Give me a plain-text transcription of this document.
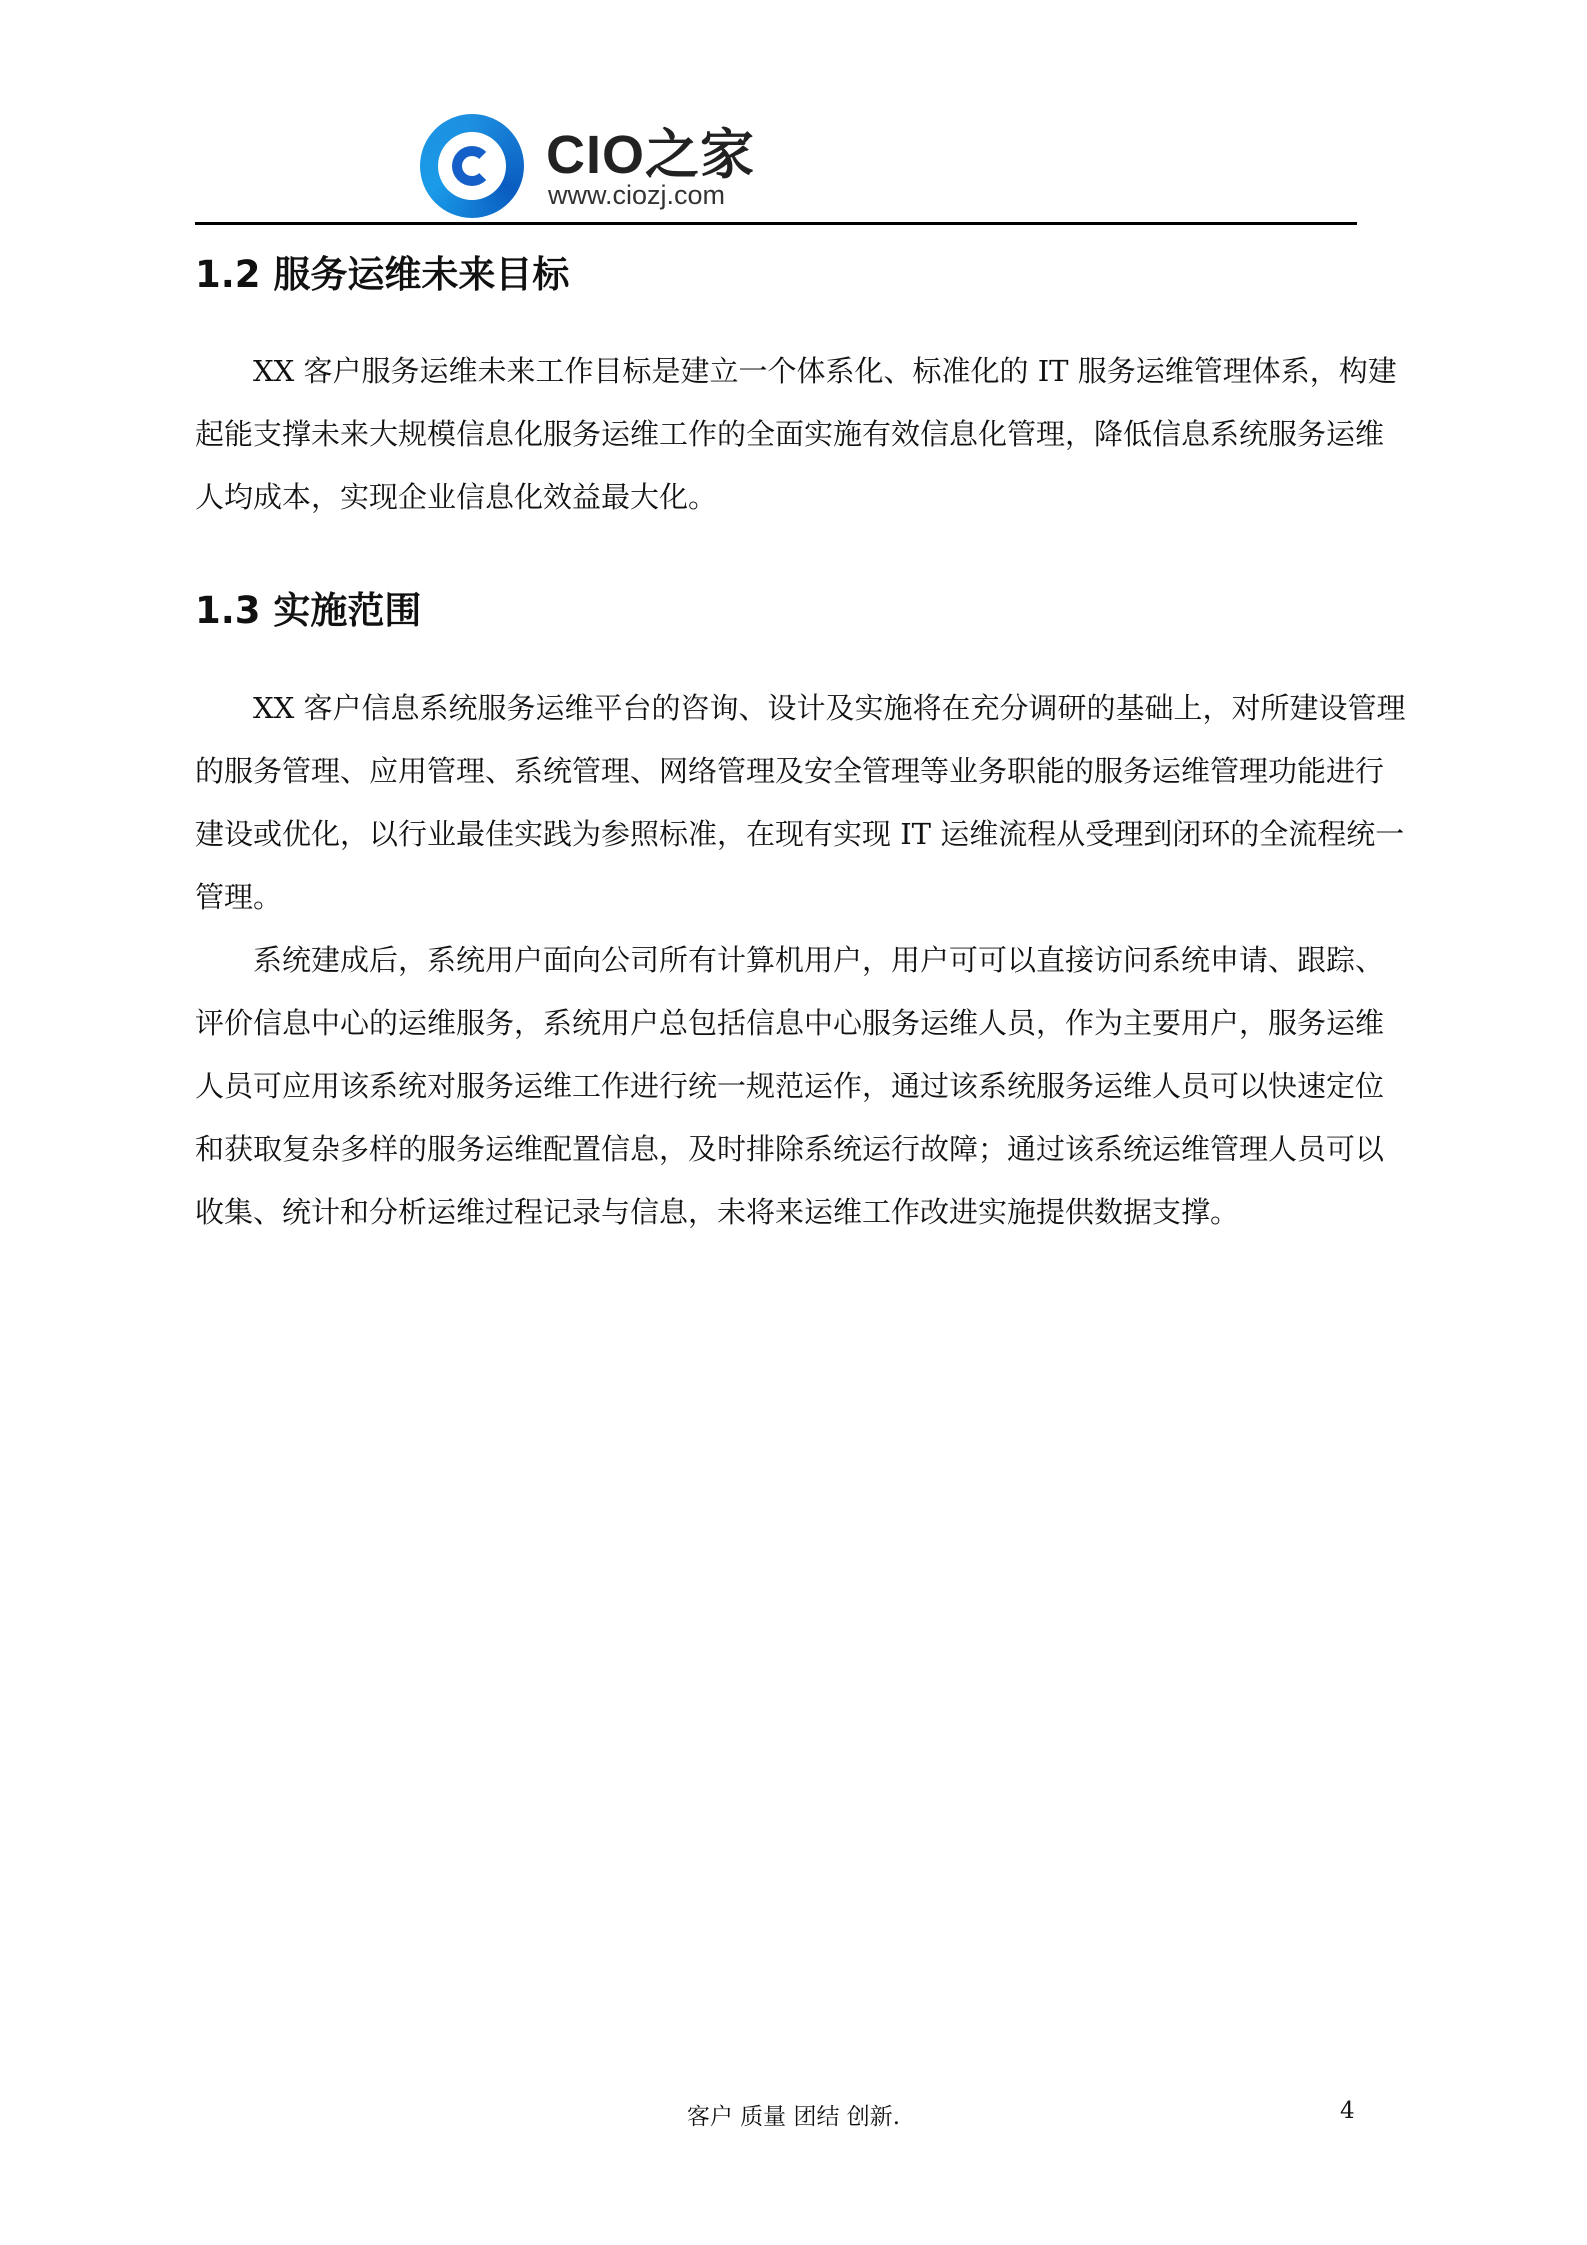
CIO之家
www.ciozj.com
1.2 服务运维未来目标
XX 客户服务运维未来工作目标是建立一个体系化、标准化的 IT 服务运维管理体系，构建
起能支撑未来大规模信息化服务运维工作的全面实施有效信息化管理，降低信息系统服务运维
人均成本，实现企业信息化效益最大化。
1.3 实施范围
XX 客户信息系统服务运维平台的咨询、设计及实施将在充分调研的基础上，对所建设管理
的服务管理、应用管理、系统管理、网络管理及安全管理等业务职能的服务运维管理功能进行
建设或优化，以行业最佳实践为参照标准，在现有实现 IT 运维流程从受理到闭环的全流程统一
管理。
系统建成后，系统用户面向公司所有计算机用户，用户可可以直接访问系统申请、跟踪、
评价信息中心的运维服务，系统用户总包括信息中心服务运维人员，作为主要用户，服务运维
人员可应用该系统对服务运维工作进行统一规范运作，通过该系统服务运维人员可以快速定位
和获取复杂多样的服务运维配置信息，及时排除系统运行故障；通过该系统运维管理人员可以
收集、统计和分析运维过程记录与信息，未将来运维工作改进实施提供数据支撑。
客户 质量 团结 创新.	4
